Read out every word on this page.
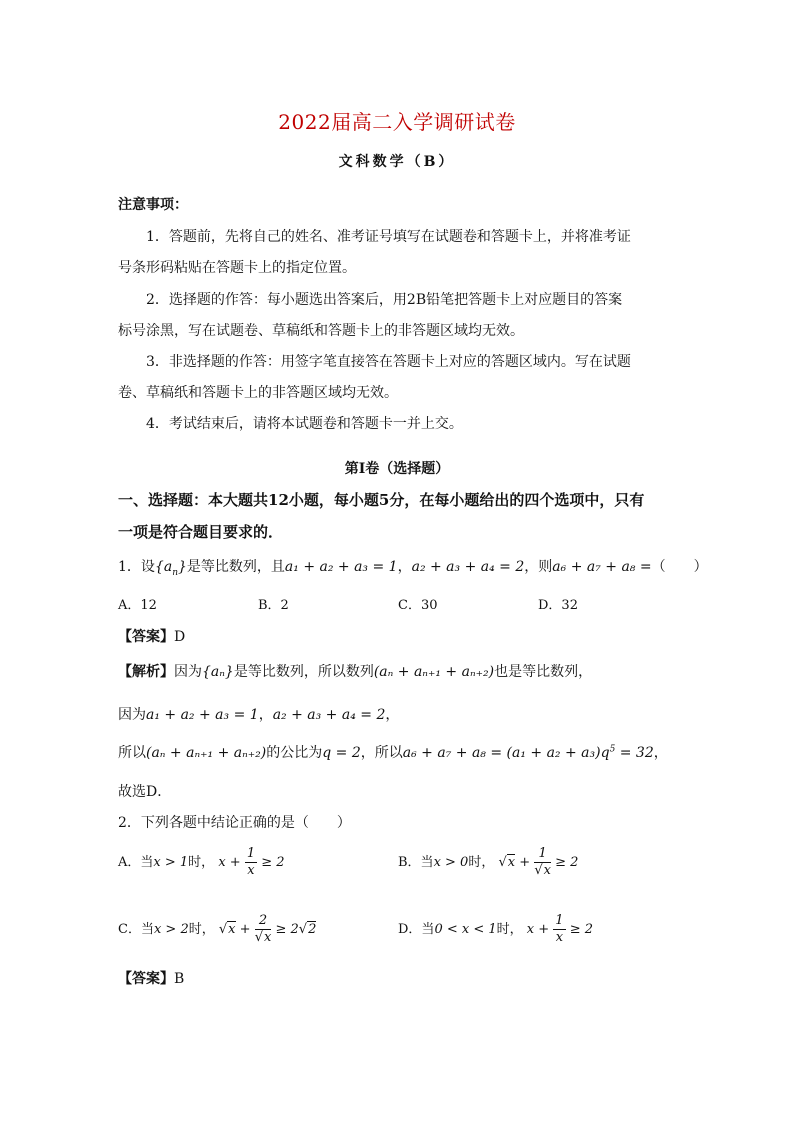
2022届高二入学调研试卷
文科数学（B）
注意事项：
1．答题前，先将自己的姓名、准考证号填写在试题卷和答题卡上，并将准考证
号条形码粘贴在答题卡上的指定位置。
2．选择题的作答：每小题选出答案后，用2B铅笔把答题卡上对应题目的答案
标号涂黑，写在试题卷、草稿纸和答题卡上的非答题区域均无效。
3．非选择题的作答：用签字笔直接答在答题卡上对应的答题区域内。写在试题
卷、草稿纸和答题卡上的非答题区域均无效。
4．考试结束后，请将本试题卷和答题卡一并上交。
第Ⅰ卷（选择题）
一、选择题：本大题共12小题，每小题5分，在每小题给出的四个选项中，只有
一项是符合题目要求的．
1．设$\{a_n\}$是等比数列，且a₁ + a₂ + a₃ = 1，a₂ + a₃ + a₄ = 2，则a₆ + a₇ + a₈ =（　　）
A．12	B．2	C．30	D．32
【答案】D
【解析】因为{aₙ}是等比数列，所以数列(aₙ + aₙ₊₁ + aₙ₊₂)也是等比数列，
因为a₁ + a₂ + a₃ = 1，a₂ + a₃ + a₄ = 2，
所以(aₙ + aₙ₊₁ + aₙ₊₂)的公比为q = 2，所以$a_6 + a_7 + a_8 = (a_1 + a_2 + a_3)q^5 = 32$，
故选D．
2．下列各题中结论正确的是（　　）
A．当x > 1时， $x + \frac{1}{x} \ge 2$	B．当x > 0时， $√x + \frac{1}{√x} \ge 2$
C．当x > 2时， $√x + \frac{2}{√x} \ge 2√2$	D．当0 < x < 1时， $x + \frac{1}{x} \ge 2$
【答案】B
